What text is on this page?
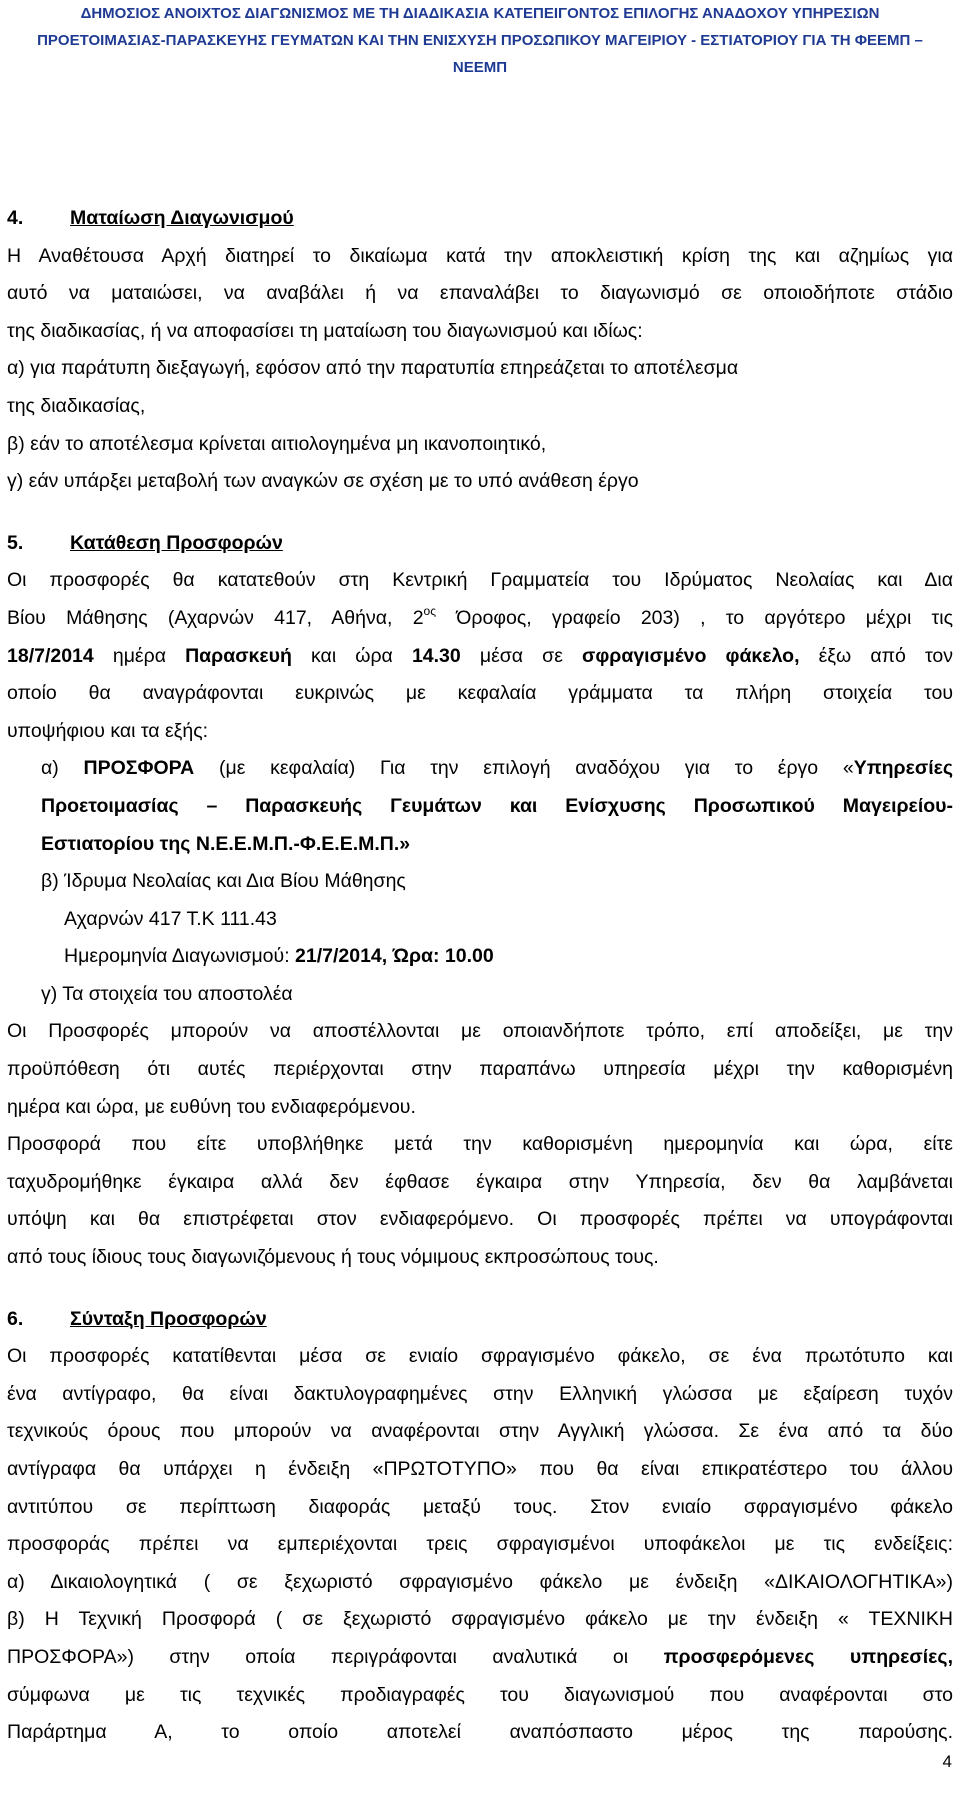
ΔΗΜΟΣΙΟΣ ΑΝΟΙΧΤΟΣ ΔΙΑΓΩΝΙΣΜΟΣ ΜΕ ΤΗ ΔΙΑΔΙΚΑΣΙΑ ΚΑΤΕΠΕΙΓΟΝΤΟΣ ΕΠΙΛΟΓΗΣ ΑΝΑΔΟΧΟΥ ΥΠΗΡΕΣΙΩΝ
ΠΡΟΕΤΟΙΜΑΣΙΑΣ-ΠΑΡΑΣΚΕΥΗΣ ΓΕΥΜΑΤΩΝ ΚΑΙ ΤΗΝ ΕΝΙΣΧΥΣΗ ΠΡΟΣΩΠΙΚΟΥ ΜΑΓΕΙΡΙΟΥ - ΕΣΤΙΑΤΟΡΙΟΥ ΓΙΑ ΤΗ ΦΕΕΜΠ –
ΝΕΕΜΠ
4. Ματαίωση Διαγωνισμού
Η Αναθέτουσα Αρχή διατηρεί το δικαίωμα κατά την αποκλειστική κρίση της και αζημίως για
αυτό να ματαιώσει, να αναβάλει ή να επαναλάβει το διαγωνισμό σε οποιοδήποτε στάδιο
της διαδικασίας, ή να αποφασίσει τη ματαίωση του διαγωνισμού και ιδίως:
α) για παράτυπη διεξαγωγή, εφόσον από την παρατυπία επηρεάζεται το αποτέλεσμα
της διαδικασίας,
β) εάν το αποτέλεσμα κρίνεται αιτιολογημένα μη ικανοποιητικό,
γ) εάν υπάρξει μεταβολή των αναγκών σε σχέση με το υπό ανάθεση έργο
5. Κατάθεση Προσφορών
Οι προσφορές θα κατατεθούν στη Κεντρική Γραμματεία του Ιδρύματος Νεολαίας και Δια
Βίου Μάθησης (Αχαρνών 417, Αθήνα, $2^{o\varsigma}$ Όροφος, γραφείο 203) , το αργότερο μέχρι τις
18/7/2014 ημέρα Παρασκευή και ώρα 14.30 μέσα σε σφραγισμένο φάκελο, έξω από τον
οποίο θα αναγράφονται ευκρινώς με κεφαλαία γράμματα τα πλήρη στοιχεία του
υποψήφιου και τα εξής:
α) ΠΡΟΣΦΟΡΑ (με κεφαλαία) Για την επιλογή αναδόχου για το έργο «Υπηρεσίες
Προετοιμασίας – Παρασκευής Γευμάτων και Ενίσχυσης Προσωπικού Μαγειρείου-
Εστιατορίου της Ν.Ε.Ε.Μ.Π.-Φ.Ε.Ε.Μ.Π.»
β) Ίδρυμα Νεολαίας και Δια Βίου Μάθησης
Αχαρνών 417 Τ.Κ 111.43
Ημερομηνία Διαγωνισμού: 21/7/2014, Ώρα: 10.00
γ) Τα στοιχεία του αποστολέα
Οι Προσφορές μπορούν να αποστέλλονται με οποιανδήποτε τρόπο, επί αποδείξει, με την
προϋπόθεση ότι αυτές περιέρχονται στην παραπάνω υπηρεσία μέχρι την καθορισμένη
ημέρα και ώρα, με ευθύνη του ενδιαφερόμενου.
Προσφορά που είτε υποβλήθηκε μετά την καθορισμένη ημερομηνία και ώρα, είτε
ταχυδρομήθηκε έγκαιρα αλλά δεν έφθασε έγκαιρα στην Υπηρεσία, δεν θα λαμβάνεται
υπόψη και θα επιστρέφεται στον ενδιαφερόμενο. Οι προσφορές πρέπει να υπογράφονται
από τους ίδιους τους διαγωνιζόμενους ή τους νόμιμους εκπροσώπους τους.
6. Σύνταξη Προσφορών
Οι προσφορές κατατίθενται μέσα σε ενιαίο σφραγισμένο φάκελο, σε ένα πρωτότυπο και
ένα αντίγραφο, θα είναι δακτυλογραφημένες στην Ελληνική γλώσσα με εξαίρεση τυχόν
τεχνικούς όρους που μπορούν να αναφέρονται στην Αγγλική γλώσσα. Σε ένα από τα δύο
αντίγραφα θα υπάρχει η ένδειξη «ΠΡΩΤΟΤΥΠΟ» που θα είναι επικρατέστερο του άλλου
αντιτύπου σε περίπτωση διαφοράς μεταξύ τους. Στον ενιαίο σφραγισμένο φάκελο
προσφοράς πρέπει να εμπεριέχονται τρεις σφραγισμένοι υποφάκελοι με τις ενδείξεις:
α) Δικαιολογητικά ( σε ξεχωριστό σφραγισμένο φάκελο με ένδειξη «ΔΙΚΑΙΟΛΟΓΗΤΙΚΑ»)
β) Η Τεχνική Προσφορά ( σε ξεχωριστό σφραγισμένο φάκελο με την ένδειξη « ΤΕΧΝΙΚΗ
ΠΡΟΣΦΟΡΑ») στην οποία περιγράφονται αναλυτικά οι προσφερόμενες υπηρεσίες,
σύμφωνα με τις τεχνικές προδιαγραφές του διαγωνισμού που αναφέρονται στο
Παράρτημα Α, το οποίο αποτελεί αναπόσπαστο μέρος της παρούσης.
4
